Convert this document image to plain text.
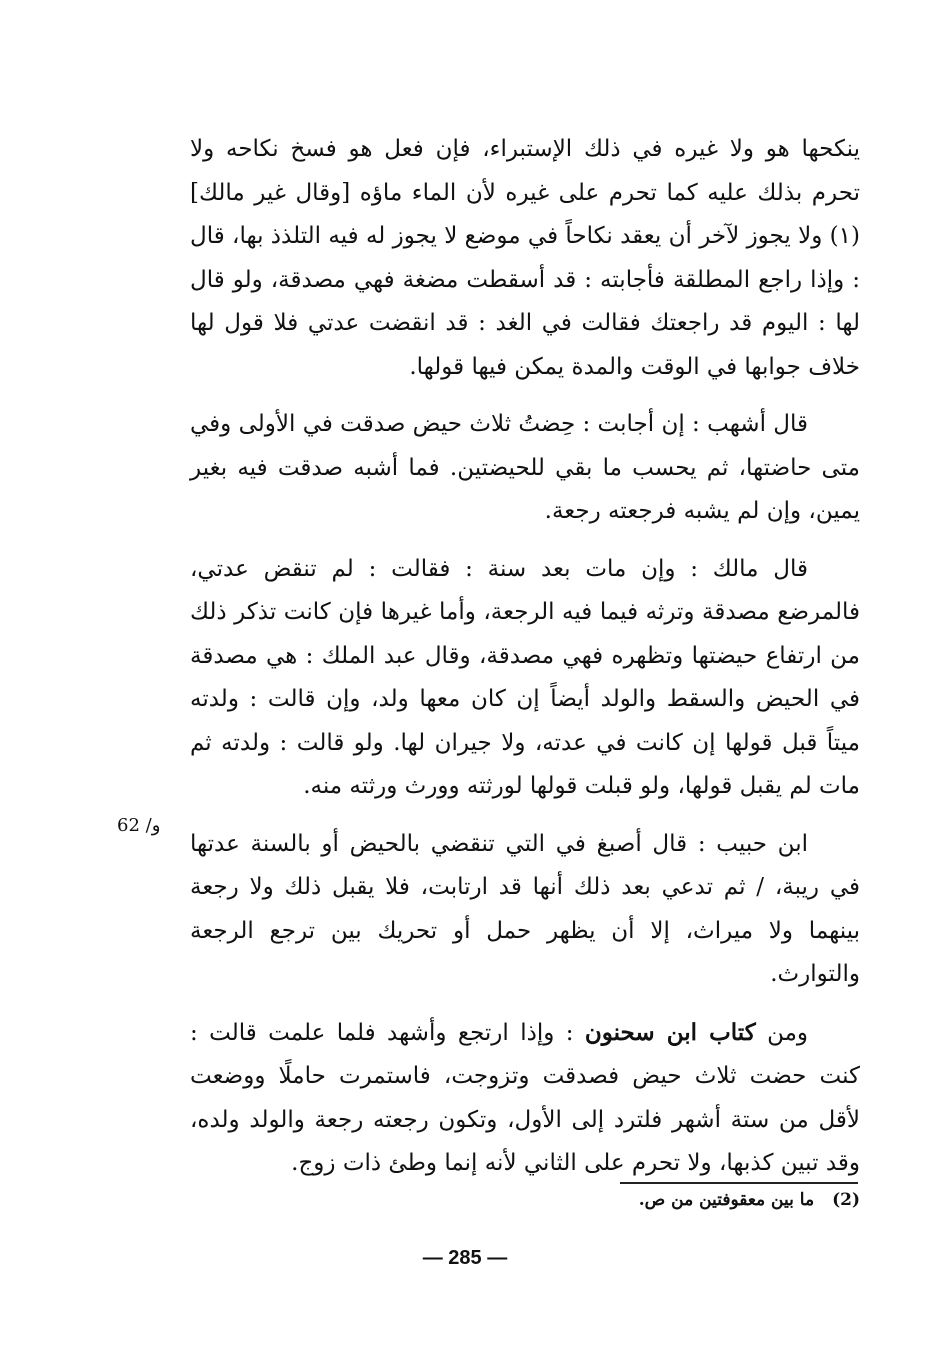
ينكحها هو ولا غيره في ذلك الإستبراء، فإن فعل هو فسخ نكاحه ولا تحرم بذلك عليه كما تحرم على غيره لأن الماء ماؤه [وقال غير مالك](١) ولا يجوز لآخر أن يعقد نكاحاً في موضع لا يجوز له فيه التلذذ بها، قال : وإذا راجع المطلقة فأجابته : قد أسقطت مضغة فهي مصدقة، ولو قال لها : اليوم قد راجعتك فقالت في الغد : قد انقضت عدتي فلا قول لها خلاف جوابها في الوقت والمدة يمكن فيها قولها.

قال أشهب : إن أجابت : حِضتُ ثلاث حيض صدقت في الأولى وفي متى حاضتها، ثم يحسب ما بقي للحيضتين. فما أشبه صدقت فيه بغير يمين، وإن لم يشبه فرجعته رجعة.

قال مالك : وإن مات بعد سنة : فقالت : لم تنقض عدتي، فالمرضع مصدقة وترثه فيما فيه الرجعة، وأما غيرها فإن كانت تذكر ذلك من ارتفاع حيضتها وتظهره فهي مصدقة، وقال عبد الملك : هي مصدقة في الحيض والسقط والولد أيضاً إن كان معها ولد، وإن قالت : ولدته ميتاً قبل قولها إن كانت في عدته، ولا جيران لها. ولو قالت : ولدته ثم مات لم يقبل قولها، ولو قبلت قولها لورثته وورث ورثته منه.

ابن حبيب : قال أصبغ في التي تنقضي بالحيض أو بالسنة عدتها في ريبة، / ثم تدعي بعد ذلك أنها قد ارتابت، فلا يقبل ذلك ولا رجعة بينهما ولا ميراث، إلا أن يظهر حمل أو تحريك بين ترجع الرجعة والتوارث.

ومن كتاب ابن سحنون : وإذا ارتجع وأشهد فلما علمت قالت : كنت حضت ثلاث حيض فصدقت وتزوجت، فاستمرت حاملًا ووضعت لأقل من ستة أشهر فلترد إلى الأول، وتكون رجعته رجعة والولد ولده، وقد تبين كذبها، ولا تحرم على الثاني لأنه إنما وطئ ذات زوج.

62 /و
(2)ما بين معقوفتين من ص.
— 285 —
